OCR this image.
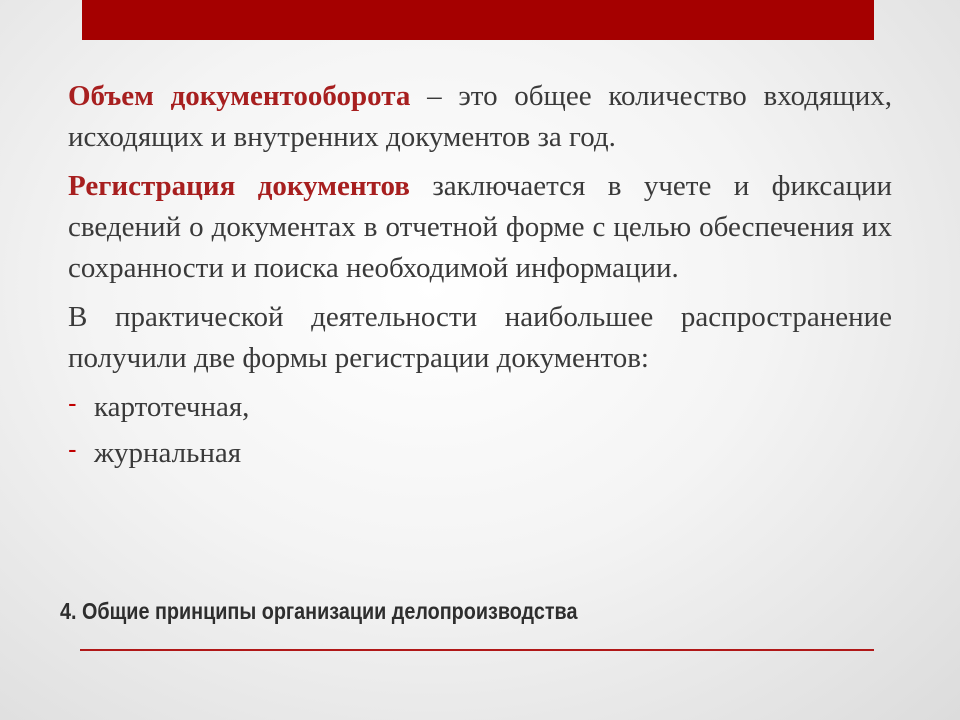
Объем документооборота – это общее количество входящих, исходящих и внутренних документов за год.

Регистрация документов заключается в учете и фиксации сведений о документах в отчетной форме с целью обеспечения их сохранности и поиска необходимой информации.

В практической деятельности наибольшее распространение получили две формы регистрации документов:

- картотечная,
- журнальная
4. Общие принципы организации делопроизводства
